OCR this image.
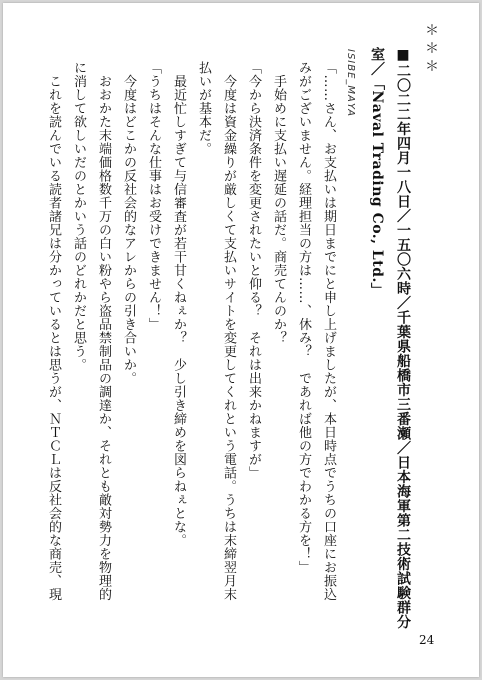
＊＊＊
■二〇二二年四月一八日／一五〇六時／千葉県船橋市三番瀬／日本海軍第二技術試験群分
室／「Naval Trading Co., Ltd.」
ISIBE_MAYA
「……さん、お支払いは期日までにと申し上げましたが、本日時点でうちの口座にお振込
みがございません。経理担当の方は……、休み？　であれば他の方でわかる方を！」
　手始めに支払い遅延の話だ。商売てんのか？
「今から決済条件を変更されたいと仰る？　それは出来かねますが」
　今度は資金繰りが厳しくて支払いサイトを変更してくれという電話。うちは末締翌月末
払いが基本だ。
　最近忙しすぎて与信審査が若干甘くねぇか？　少し引き締めを図らねぇとな。
「うちはそんな仕事はお受けできません！」
　今度はどこかの反社会的なアレからの引き合いか。
　おおかた末端価格数千万の白い粉やら盗品禁制品の調達か、それとも敵対勢力を物理的
に消して欲しいだのとかいう話のどれかだと思う。
　これを読んでいる読者諸兄は分かっているとは思うが、ＮＴＣＬは反社会的な商売、現
24
